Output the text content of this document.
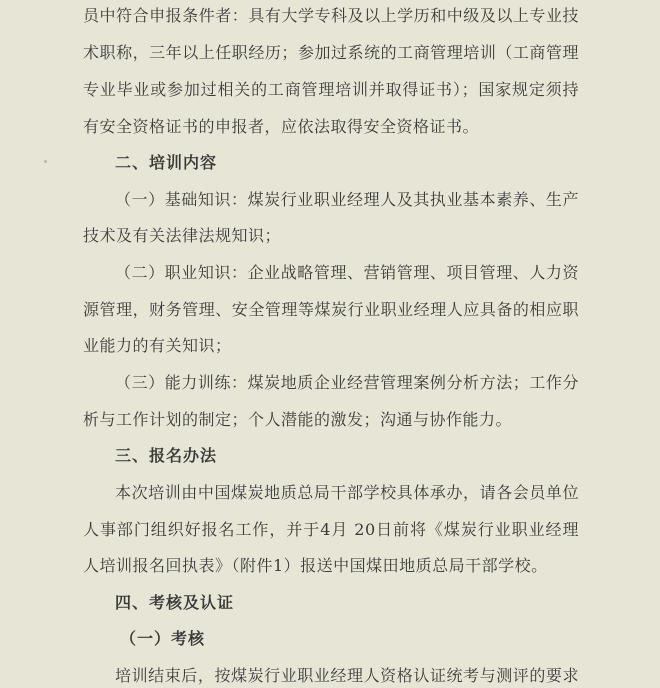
员中符合申报条件者：具有大学专科及以上学历和中级及以上专业技
术职称，三年以上任职经历；参加过系统的工商管理培训（工商管理
专业毕业或参加过相关的工商管理培训并取得证书）；国家规定须持
有安全资格证书的申报者，应依法取得安全资格证书。
二、培训内容
（一）基础知识：煤炭行业职业经理人及其执业基本素养、生产
技术及有关法律法规知识；
（二）职业知识：企业战略管理、营销管理、项目管理、人力资
源管理，财务管理、安全管理等煤炭行业职业经理人应具备的相应职
业能力的有关知识；
（三）能力训练：煤炭地质企业经营管理案例分析方法；工作分
析与工作计划的制定；个人潜能的激发；沟通与协作能力。
三、报名办法
本次培训由中国煤炭地质总局干部学校具体承办，请各会员单位
人事部门组织好报名工作，并于4月 20日前将《煤炭行业职业经理
人培训报名回执表》（附件1）报送中国煤田地质总局干部学校。
四、考核及认证
（一）考核
培训结束后，按煤炭行业职业经理人资格认证统考与测评的要求
